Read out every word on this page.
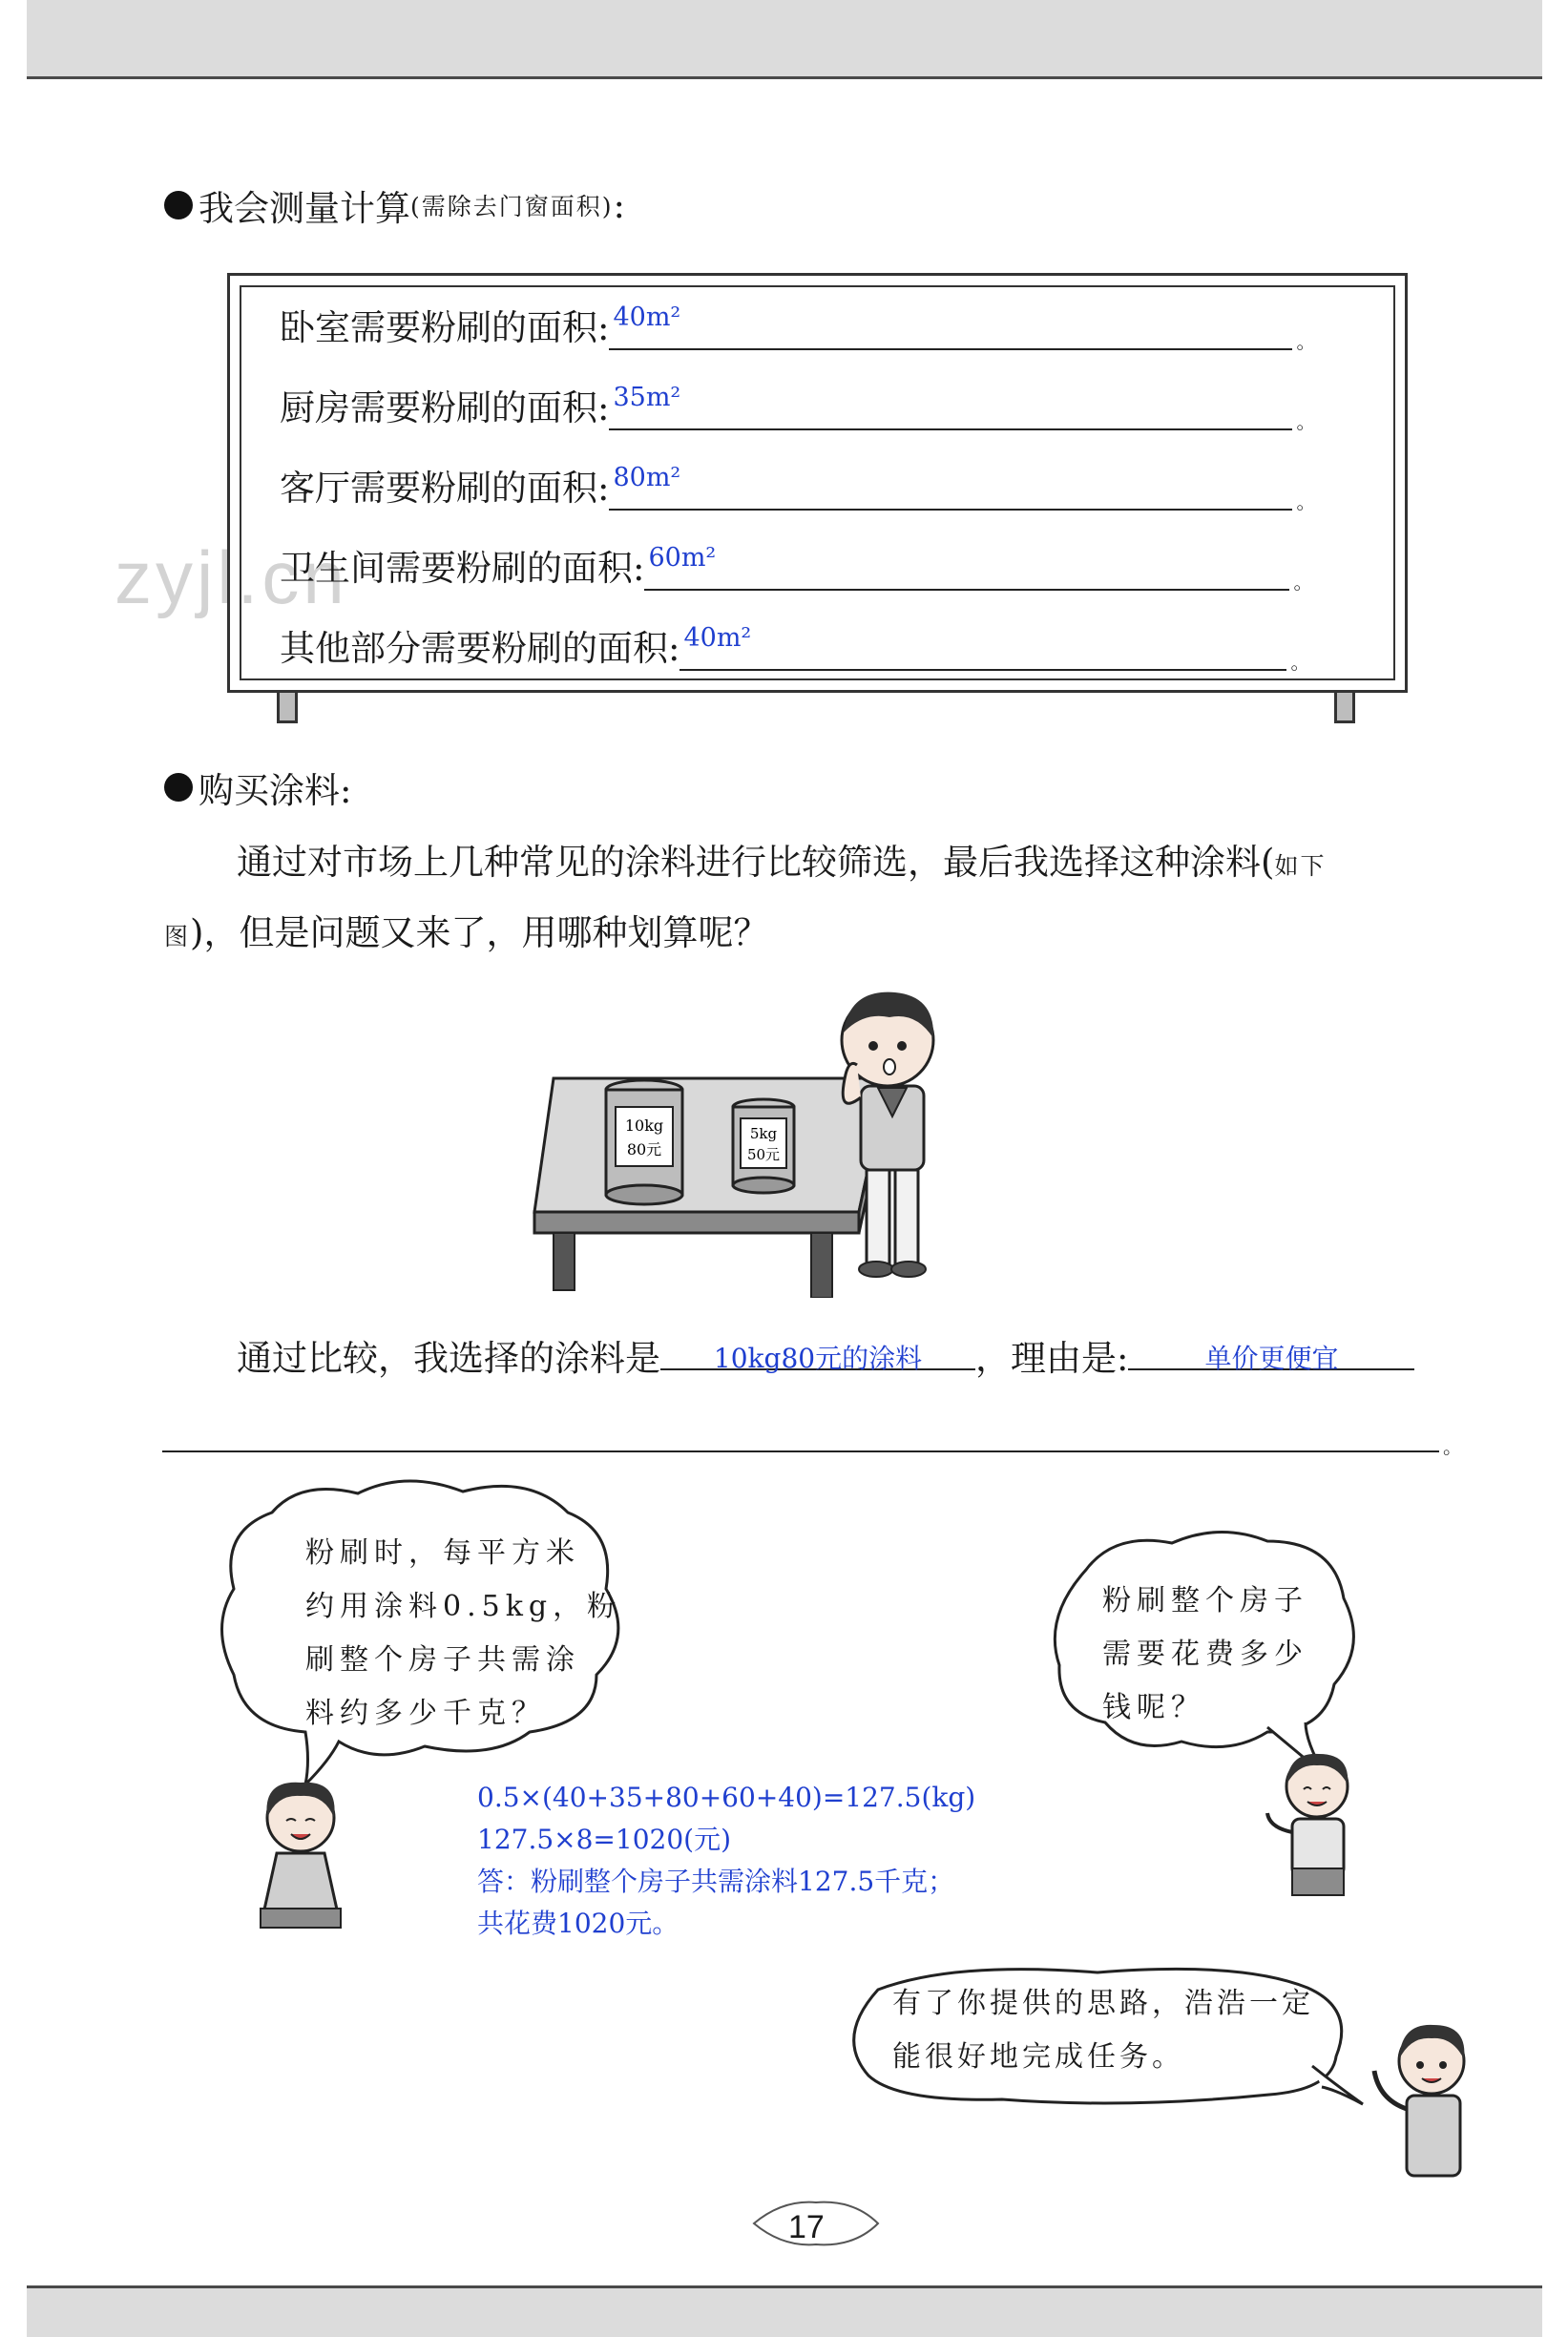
zyjl.cn
我会测量计算 (需除去门窗面积) :
卧室需要粉刷的面积: 40m²
。
厨房需要粉刷的面积: 35m²
。
客厅需要粉刷的面积: 80m²
。
卫生间需要粉刷的面积: 60m²
。
其他部分需要粉刷的面积: 40m²
。
购买涂料:
通过对市场上几种常见的涂料进行比较筛选，最后我选择这种涂料(如下
图)，但是问题又来了，用哪种划算呢？
10kg
80元
5kg
50元
通过比较，我选择的涂料是	10kg80元的涂料	，理由是:	单价更便宜
。
粉刷时，每平方米
约用涂料0.5kg，粉
刷整个房子共需涂
料约多少千克？
粉刷整个房子
需要花费多少
钱呢？
有了你提供的思路，浩浩一定
能很好地完成任务。
0.5×(40+35+80+60+40)=127.5(kg)
127.5×8=1020(元)
答：粉刷整个房子共需涂料127.5千克；
共花费1020元。
17
